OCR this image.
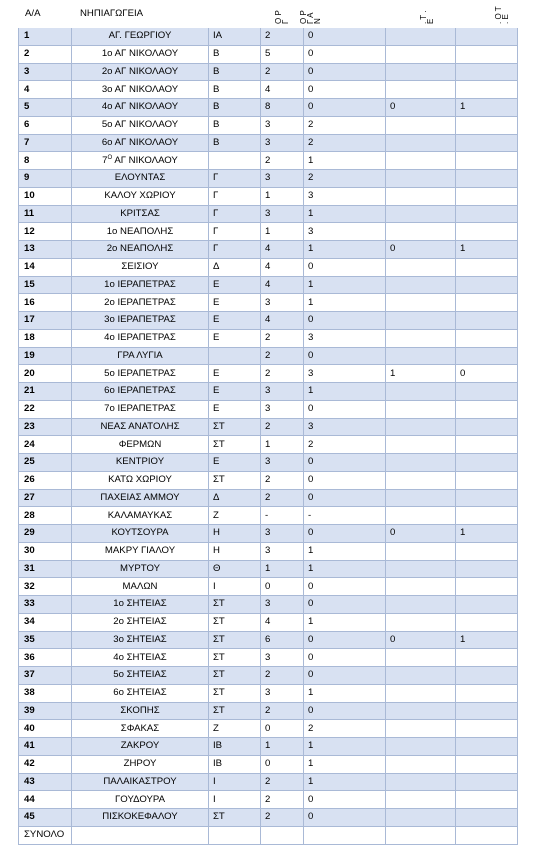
Α/Α	ΝΗΠΙΑΓΩΓΕΙΑ	Ο Ρ Γ Ο Ρ Γ Α Ν	. Τ . Ε	. Ο Τ . Ε
1	ΑΓ. ΓΕΩΡΓΙΟΥ	ΙΑ	2	0		
2	1ο ΑΓ ΝΙΚΟΛΑΟΥ	Β	5	0		
3	2ο ΑΓ ΝΙΚΟΛΑΟΥ	Β	2	0		
4	3ο ΑΓ ΝΙΚΟΛΑΟΥ	Β	4	0		
5	4ο ΑΓ ΝΙΚΟΛΑΟΥ	Β	8	0	0	1
6	5ο ΑΓ ΝΙΚΟΛΑΟΥ	Β	3	2		
7	6ο ΑΓ ΝΙΚΟΛΑΟΥ	Β	3	2		
8	$7^O$ ΑΓ ΝΙΚΟΛΑΟΥ		2	1		
9	ΕΛΟΥΝΤΑΣ	Γ	3	2		
10	ΚΑΛΟΥ ΧΩΡΙΟΥ	Γ	1	3		
11	ΚΡΙΤΣΑΣ	Γ	3	1		
12	1ο ΝΕΑΠΟΛΗΣ	Γ	1	3		
13	2ο ΝΕΑΠΟΛΗΣ	Γ	4	1	0	1
14	ΣΕΙΣΙΟΥ	Δ	4	0		
15	1ο ΙΕΡΑΠΕΤΡΑΣ	Ε	4	1		
16	2ο ΙΕΡΑΠΕΤΡΑΣ	Ε	3	1		
17	3ο ΙΕΡΑΠΕΤΡΑΣ	Ε	4	0		
18	4ο ΙΕΡΑΠΕΤΡΑΣ	Ε	2	3		
19	ΓΡΑ ΛΥΓΙΑ		2	0		
20	5ο ΙΕΡΑΠΕΤΡΑΣ	Ε	2	3	1	0
21	6ο ΙΕΡΑΠΕΤΡΑΣ	Ε	3	1		
22	7ο ΙΕΡΑΠΕΤΡΑΣ	Ε	3	0		
23	ΝΕΑΣ ΑΝΑΤΟΛΗΣ	ΣΤ	2	3		
24	ΦΕΡΜΩΝ	ΣΤ	1	2		
25	ΚΕΝΤΡΙΟΥ	Ε	3	0		
26	ΚΑΤΩ ΧΩΡΙΟΥ	ΣΤ	2	0		
27	ΠΑΧΕΙΑΣ ΑΜΜΟΥ	Δ	2	0		
28	ΚΑΛΑΜΑΥΚΑΣ	Ζ	-	-		
29	ΚΟΥΤΣΟΥΡΑ	Η	3	0	0	1
30	ΜΑΚΡΥ ΓΙΑΛΟΥ	Η	3	1		
31	ΜΥΡΤΟΥ	Θ	1	1		
32	ΜΑΛΩΝ	Ι	0	0		
33	1ο ΣΗΤΕΙΑΣ	ΣΤ	3	0		
34	2ο ΣΗΤΕΙΑΣ	ΣΤ	4	1		
35	3ο ΣΗΤΕΙΑΣ	ΣΤ	6	0	0	1
36	4ο ΣΗΤΕΙΑΣ	ΣΤ	3	0		
37	5ο ΣΗΤΕΙΑΣ	ΣΤ	2	0		
38	6ο ΣΗΤΕΙΑΣ	ΣΤ	3	1		
39	ΣΚΟΠΗΣ	ΣΤ	2	0		
40	ΣΦΑΚΑΣ	Ζ	0	2		
41	ΖΑΚΡΟΥ	ΙΒ	1	1		
42	ΖΗΡΟΥ	ΙΒ	0	1		
43	ΠΑΛΑΙΚΑΣΤΡΟΥ	Ι	2	1		
44	ΓΟΥΔΟΥΡΑ	Ι	2	0		
45	ΠΙΣΚΟΚΕΦΑΛΟΥ	ΣΤ	2	0		
ΣΥΝΟΛΟ						
